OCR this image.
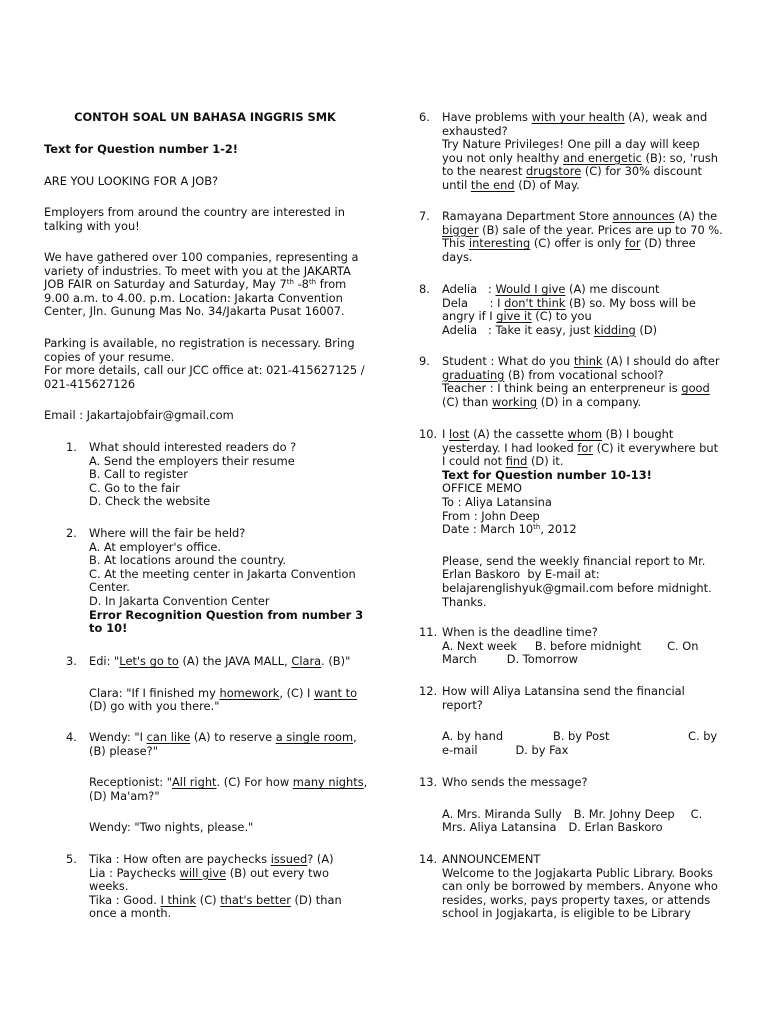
CONTOH SOAL UN BAHASA INGGRIS SMK

Text for Question number 1-2!

ARE YOU LOOKING FOR A JOB?

Employers from around the country are interested in talking with you!

We have gathered over 100 companies, representing a
variety of industries. To meet with you at the JAKARTA
JOB FAIR on Saturday and Saturday, May 7th -8th from
9.00 a.m. to 4.00. p.m. Location: Jakarta Convention
Center, Jln. Gunung Mas No. 34/Jakarta Pusat 16007.
Parking is available, no registration is necessary. Bring
copies of your resume.
For more details, call our JCC office at: 021-415627125 /
021-415627126

Email : Jakartajobfair@gmail.com

1.	What should interested readers do ?
A. Send the employers their resume
B. Call to register
C. Go to the fair
D. Check the website
2.	Where will the fair be held?
A. At employer's office.
B. At locations around the country.
C. At the meeting center in Jakarta Convention
Center.
D. In Jakarta Convention Center
Error Recognition Question from number 3
to 10!
3.	Edi: "Let's go to (A) the JAVA MALL, Clara. (B)"
Clara: "If I finished my homework, (C) I want to
(D) go with you there."
4.	Wendy: "I can like (A) to reserve a single room,
(B) please?"
Receptionist: "All right. (C) For how many nights,
(D) Ma'am?"
Wendy: "Two nights, please."
5.	Tika : How often are paychecks issued? (A)
Lia : Paychecks will give (B) out every two
weeks.
Tika : Good. I think (C) that's better (D) than
once a month.
6.	Have problems with your health (A), weak and
exhausted?
Try Nature Privileges! One pill a day will keep
you not only healthy and energetic (B): so, 'rush
to the nearest drugstore (C) for 30% discount
until the end (D) of May.
7.	Ramayana Department Store announces (A) the
bigger (B) sale of the year. Prices are up to 70 %.
This interesting (C) offer is only for (D) three
days.
8.	Adelia   : Would I give (A) me discount
Dela      : I don't think (B) so. My boss will be
angry if I give it (C) to you
Adelia   : Take it easy, just kidding (D)
9.	Student : What do you think (A) I should do after
graduating (B) from vocational school?
Teacher : I think being an enterpreneur is good
(C) than working (D) in a company.
10. I lost (A) the cassette whom (B) I bought
yesterday. I had looked for (C) it everywhere but
I could not find (D) it.
Text for Question number 10-13!
OFFICE MEMO
To : Aliya Latansina
From : John Deep
Date : March 10th, 2012
Please, send the weekly financial report to Mr.
Erlan Baskoro  by E-mail at:
belajarenglishyuk@gmail.com before midnight.
Thanks.
11. When is the deadline time?
A. Next week B. before midnight C. On
March	D. Tomorrow
12. How will Aliya Latansina send the financial
report?
A. by hand	B. by Post	C. by
e-mail	D. by Fax
13. Who sends the message?
A. Mrs. Miranda Sully B. Mr. Johny Deep C.
Mrs. Aliya Latansina D. Erlan Baskoro
14. ANNOUNCEMENT
Welcome to the Jogjakarta Public Library. Books
can only be borrowed by members. Anyone who
resides, works, pays property taxes, or attends
school in Jogjakarta, is eligible to be Library
